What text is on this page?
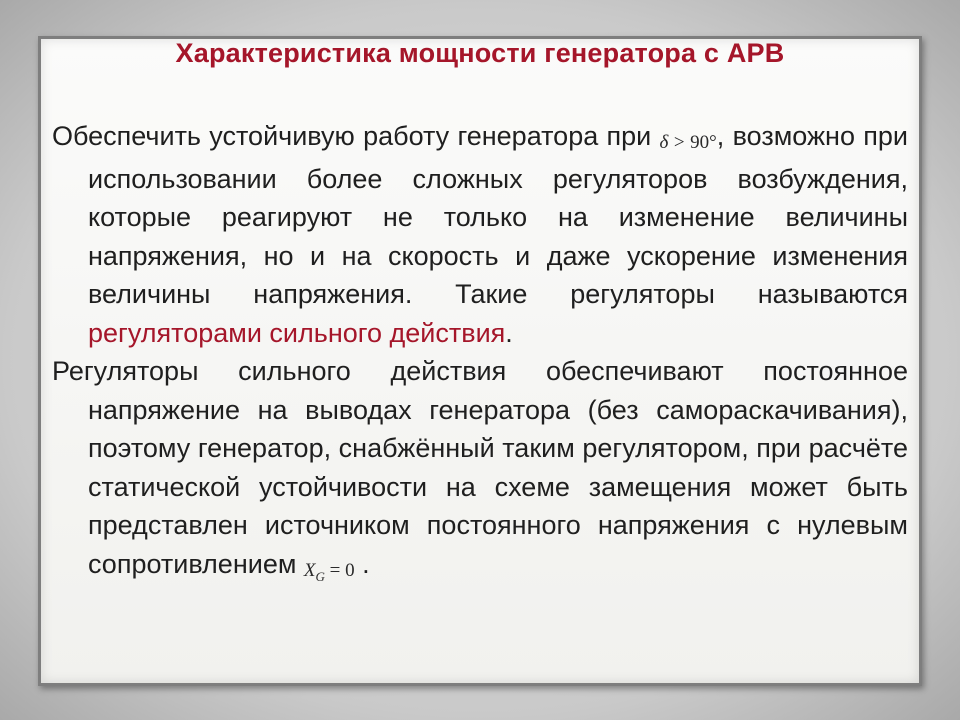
Характеристика мощности генератора с АРВ

Обеспечить устойчивую работу генератора при δ > 90°, возможно при использовании более сложных регуляторов возбуждения, которые реагируют не только на изменение величины напряжения, но и на скорость и даже ускорение изменения величины напряжения. Такие регуляторы называются регуляторами сильного действия.

Регуляторы сильного действия обеспечивают постоянное напряжение на выводах генератора (без самораскачивания), поэтому генератор, снабжённый таким регулятором, при расчёте статической устойчивости на схеме замещения может быть представлен источником постоянного напряжения с нулевым сопротивлением $X_G = 0$ .
